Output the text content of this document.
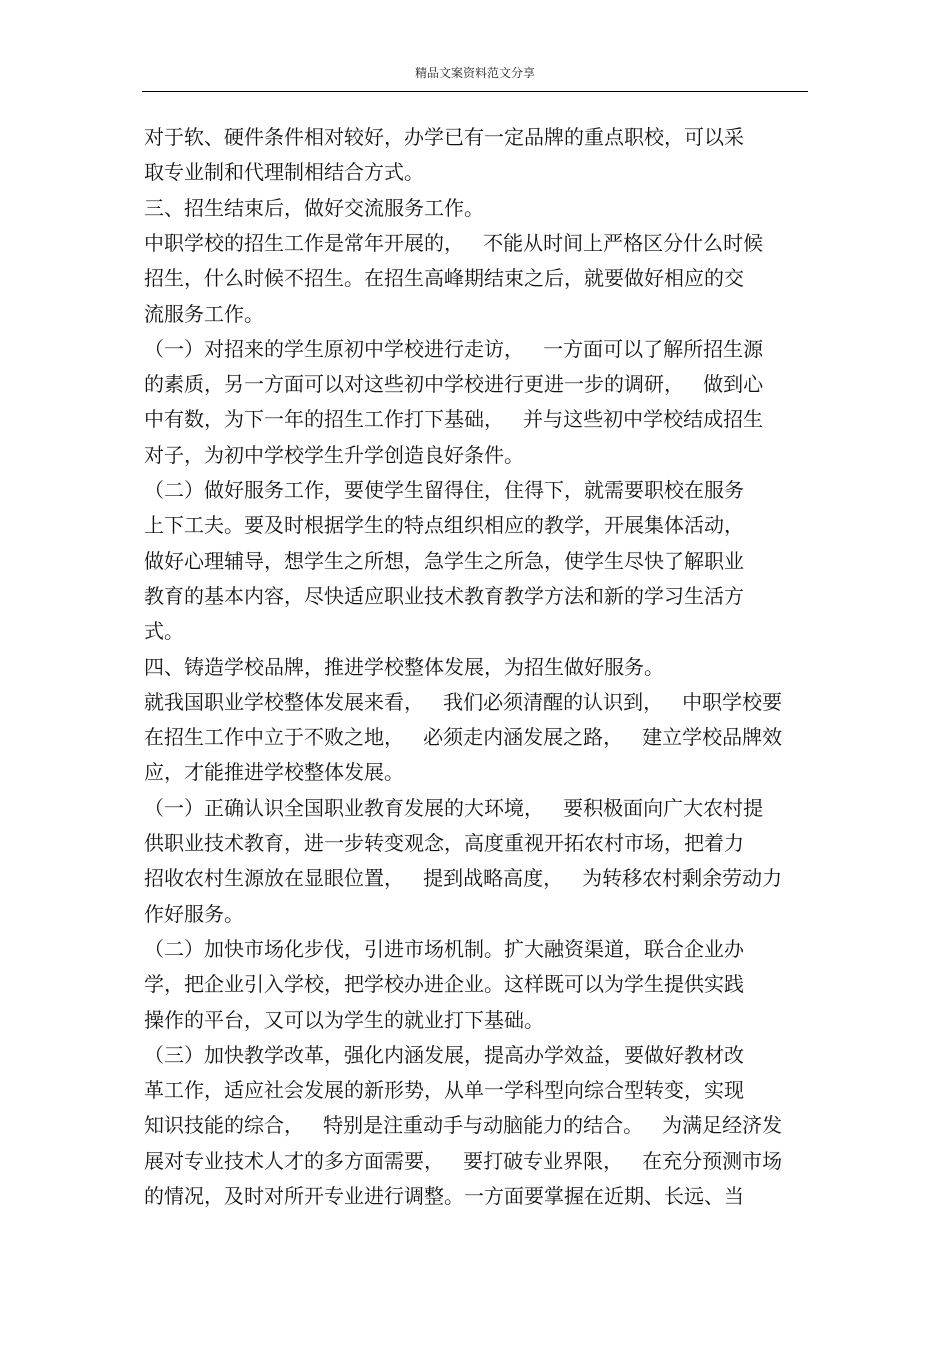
精品文案资料范文分享
对于软、硬件条件相对较好，办学已有一定品牌的重点职校，可以采
取专业制和代理制相结合方式。
三、招生结束后，做好交流服务工作。
中职学校的招生工作是常年开展的，   不能从时间上严格区分什么时候
招生，什么时候不招生。在招生高峰期结束之后，就要做好相应的交
流服务工作。
（一）对招来的学生原初中学校进行走访，   一方面可以了解所招生源
的素质，另一方面可以对这些初中学校进行更进一步的调研，   做到心
中有数，为下一年的招生工作打下基础，   并与这些初中学校结成招生
对子，为初中学校学生升学创造良好条件。
（二）做好服务工作，要使学生留得住，住得下，就需要职校在服务
上下工夫。要及时根据学生的特点组织相应的教学，开展集体活动，
做好心理辅导，想学生之所想，急学生之所急，使学生尽快了解职业
教育的基本内容，尽快适应职业技术教育教学方法和新的学习生活方
式。
四、铸造学校品牌，推进学校整体发展，为招生做好服务。
就我国职业学校整体发展来看，   我们必须清醒的认识到，   中职学校要
在招生工作中立于不败之地，   必须走内涵发展之路，   建立学校品牌效
应，才能推进学校整体发展。
（一）正确认识全国职业教育发展的大环境，   要积极面向广大农村提
供职业技术教育，进一步转变观念，高度重视开拓农村市场，把着力
招收农村生源放在显眼位置，   提到战略高度，   为转移农村剩余劳动力
作好服务。
（二）加快市场化步伐，引进市场机制。扩大融资渠道，联合企业办
学，把企业引入学校，把学校办进企业。这样既可以为学生提供实践
操作的平台，又可以为学生的就业打下基础。
（三）加快教学改革，强化内涵发展，提高办学效益，要做好教材改
革工作，适应社会发展的新形势，从单一学科型向综合型转变，实现
知识技能的综合，   特别是注重动手与动脑能力的结合。   为满足经济发
展对专业技术人才的多方面需要，   要打破专业界限，   在充分预测市场
的情况，及时对所开专业进行调整。一方面要掌握在近期、长远、当
